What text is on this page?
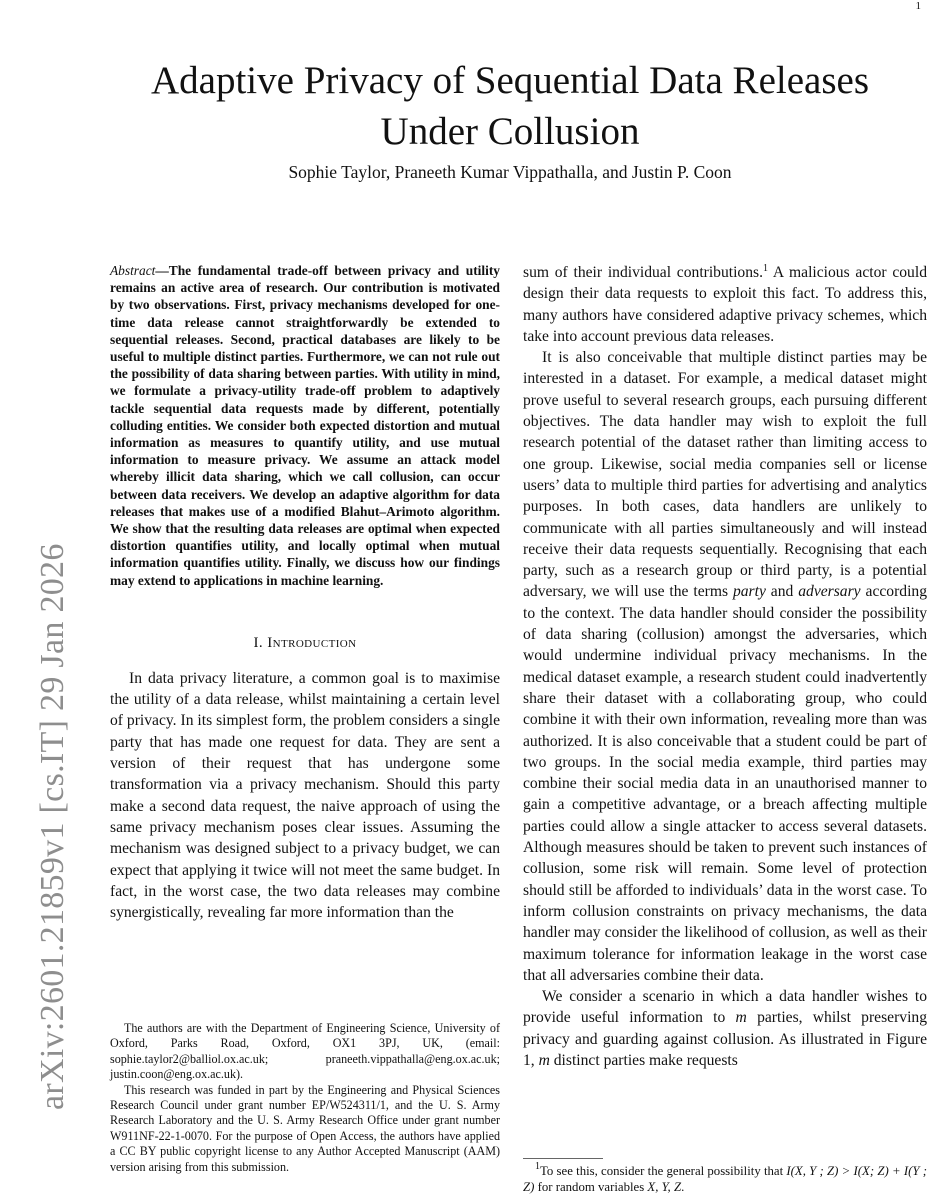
1
arXiv:2601.21859v1 [cs.IT] 29 Jan 2026
Adaptive Privacy of Sequential Data Releases
Under Collusion
Sophie Taylor, Praneeth Kumar Vippathalla, and Justin P. Coon

Abstract—The fundamental trade-off between privacy and utility remains an active area of research. Our contribution is motivated by two observations. First, privacy mechanisms developed for one-time data release cannot straightforwardly be extended to sequential releases. Second, practical databases are likely to be useful to multiple distinct parties. Furthermore, we can not rule out the possibility of data sharing between parties. With utility in mind, we formulate a privacy-utility trade-off problem to adaptively tackle sequential data requests made by different, potentially colluding entities. We consider both expected distortion and mutual information as measures to quantify utility, and use mutual information to measure privacy. We assume an attack model whereby illicit data sharing, which we call collusion, can occur between data receivers. We develop an adaptive algorithm for data releases that makes use of a modified Blahut–Arimoto algorithm. We show that the resulting data releases are optimal when expected distortion quantifies utility, and locally optimal when mutual information quantifies utility. Finally, we discuss how our findings may extend to applications in machine learning.

I. Introduction

In data privacy literature, a common goal is to maximise the utility of a data release, whilst maintaining a certain level of privacy. In its simplest form, the problem considers a single party that has made one request for data. They are sent a version of their request that has undergone some transformation via a privacy mechanism. Should this party make a second data request, the naive approach of using the same privacy mechanism poses clear issues. Assuming the mechanism was designed subject to a privacy budget, we can expect that applying it twice will not meet the same budget. In fact, in the worst case, the two data releases may combine synergistically, revealing far more information than the

The authors are with the Department of Engineering Science, University of Oxford, Parks Road, Oxford, OX1 3PJ, UK, (email: sophie.taylor2@balliol.ox.ac.uk; praneeth.vippathalla@eng.ox.ac.uk; justin.coon@eng.ox.ac.uk).

This research was funded in part by the Engineering and Physical Sciences Research Council under grant number EP/W524311/1, and the U. S. Army Research Laboratory and the U. S. Army Research Office under grant number W911NF-22-1-0070. For the purpose of Open Access, the authors have applied a CC BY public copyright license to any Author Accepted Manuscript (AAM) version arising from this submission.

sum of their individual contributions.$^1$ A malicious actor could design their data requests to exploit this fact. To address this, many authors have considered adaptive privacy schemes, which take into account previous data releases.

It is also conceivable that multiple distinct parties may be interested in a dataset. For example, a medical dataset might prove useful to several research groups, each pursuing different objectives. The data handler may wish to exploit the full research potential of the dataset rather than limiting access to one group. Likewise, social media companies sell or license users’ data to multiple third parties for advertising and analytics purposes. In both cases, data handlers are unlikely to communicate with all parties simultaneously and will instead receive their data requests sequentially. Recognising that each party, such as a research group or third party, is a potential adversary, we will use the terms party and adversary according to the context. The data handler should consider the possibility of data sharing (collusion) amongst the adversaries, which would undermine individual privacy mechanisms. In the medical dataset example, a research student could inadvertently share their dataset with a collaborating group, who could combine it with their own information, revealing more than was authorized. It is also conceivable that a student could be part of two groups. In the social media example, third parties may combine their social media data in an unauthorised manner to gain a competitive advantage, or a breach affecting multiple parties could allow a single attacker to access several datasets. Although measures should be taken to prevent such instances of collusion, some risk will remain. Some level of protection should still be afforded to individuals’ data in the worst case. To inform collusion constraints on privacy mechanisms, the data handler may consider the likelihood of collusion, as well as their maximum tolerance for information leakage in the worst case that all adversaries combine their data.

We consider a scenario in which a data handler wishes to provide useful information to m parties, whilst preserving privacy and guarding against collusion. As illustrated in Figure 1, m distinct parties make requests

$^1$To see this, consider the general possibility that I(X, Y ; Z) > I(X; Z) + I(Y ; Z) for random variables X, Y, Z.
